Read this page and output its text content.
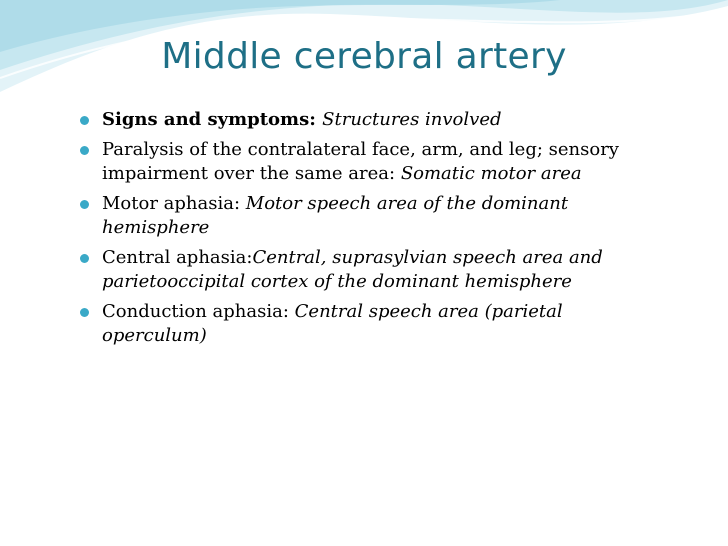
Middle cerebral artery
Signs and symptoms: Structures involved
Paralysis of the contralateral face, arm, and leg; sensory impairment over the same area: Somatic motor area
Motor aphasia: Motor speech area of the dominant hemisphere
Central aphasia:Central, suprasylvian speech area and parietooccipital cortex of the dominant hemisphere
Conduction aphasia: Central speech area (parietal operculum)
